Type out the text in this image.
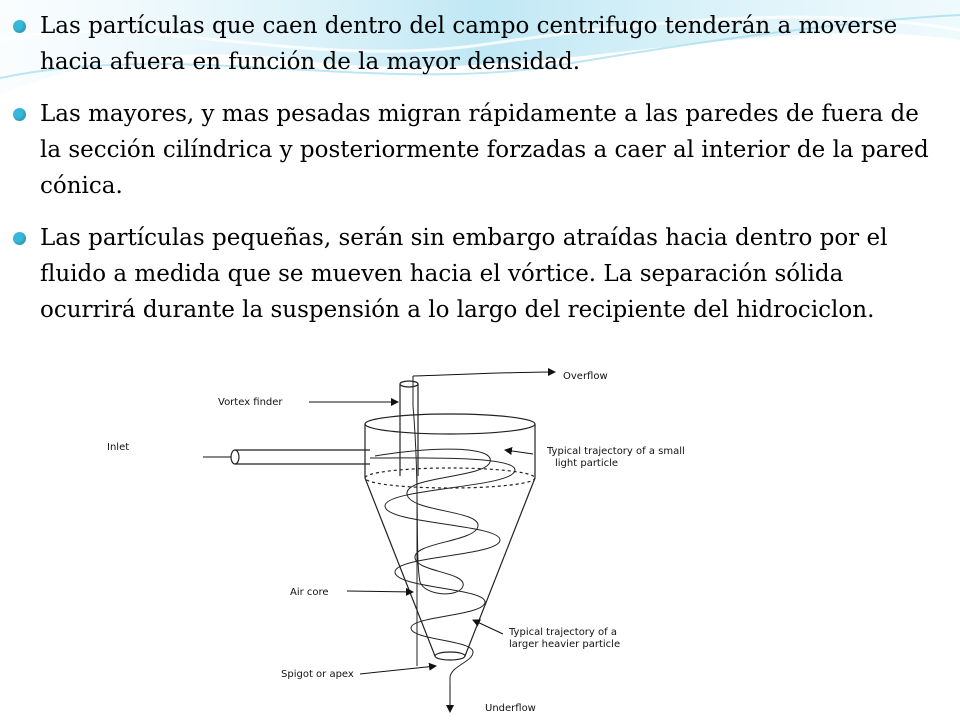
Las partículas que caen dentro del campo centrifugo tenderán a moverse hacia afuera en función de la mayor densidad.
Las mayores, y mas pesadas migran rápidamente a las paredes de fuera de la sección cilíndrica y posteriormente forzadas a caer al interior de la pared cónica.
Las partículas pequeñas, serán sin embargo atraídas hacia dentro por el fluido a medida que se mueven hacia el vórtice. La separación sólida ocurrirá durante la suspensión a lo largo del recipiente del hidrociclon.
Overflow
Vortex finder
Inlet	Typical trajectory of a small
light particle
Air core
Typical trajectory of a
larger heavier particle
Spigot or apex
Underflow
